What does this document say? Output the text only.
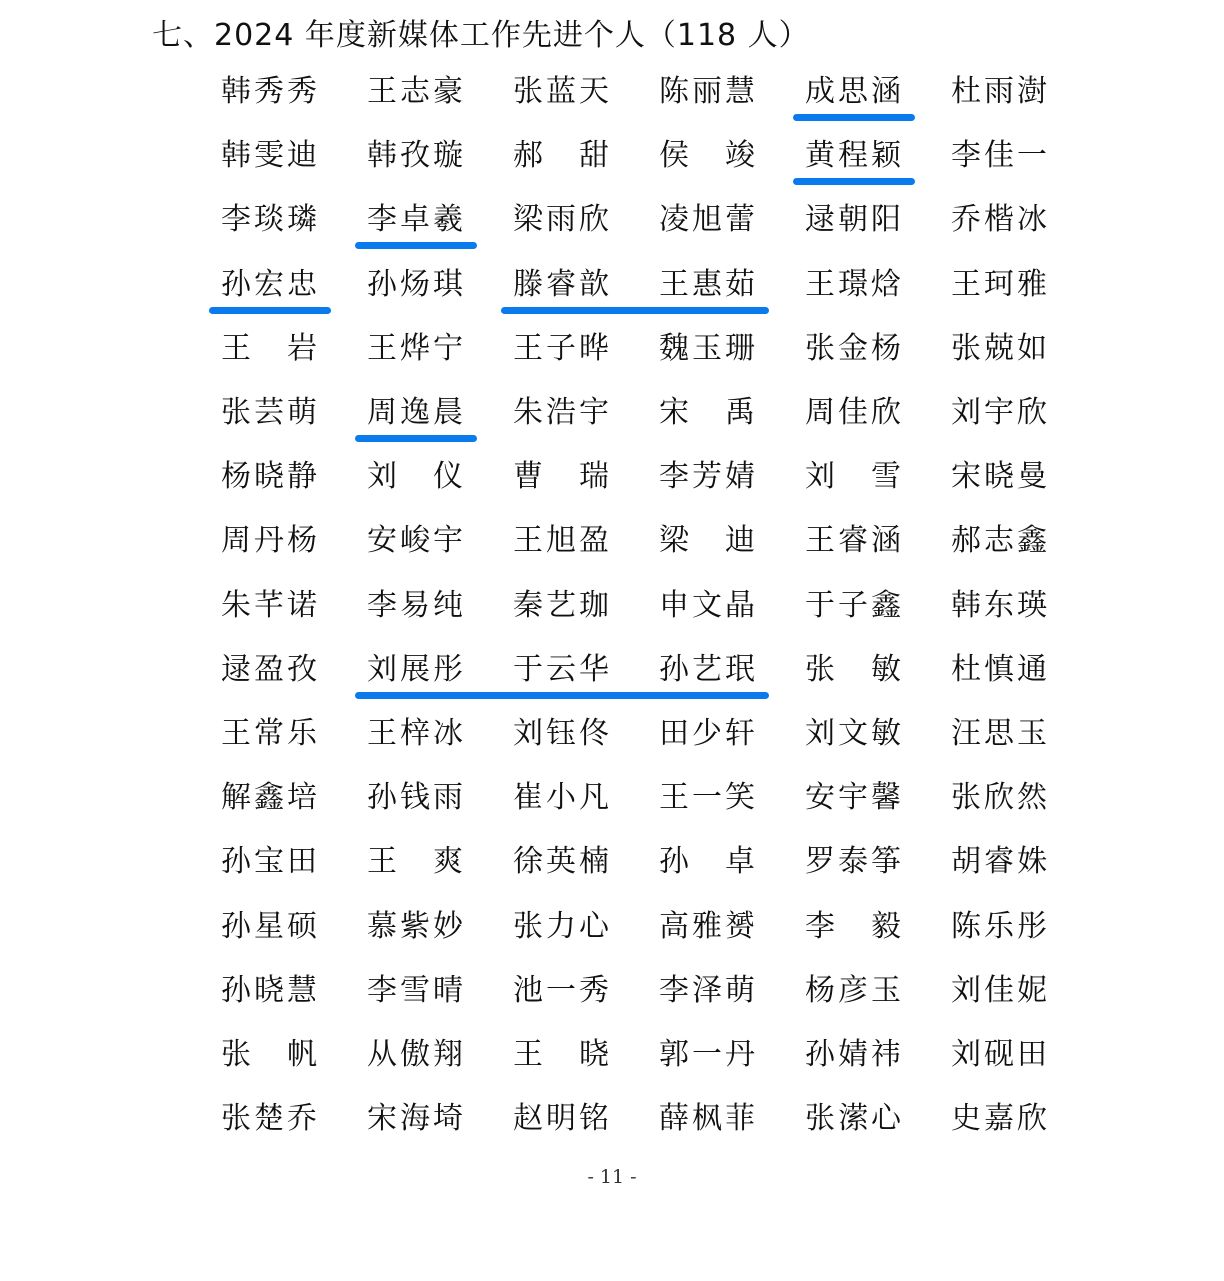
七、2024 年度新媒体工作先进个人（118 人）
韩 秀 秀 王 志 豪 张 蓝 天 陈 丽 慧 成 思 涵 杜 雨 澍
韩 雯 迪 韩 孜 璇 郝 甜 侯 竣 黄 程 颖 李 佳 一
李 琰 璘 李 卓 羲 梁 雨 欣 凌 旭 蕾 逯 朝 阳 乔 楷 冰
孙 宏 忠 孙 炀 琪 滕 睿 歆 王 惠 茹 王 璟 焓 王 珂 雅
王 岩 王 烨 宁 王 子 晔 魏 玉 珊 张 金 杨 张 兢 如
张 芸 萌 周 逸 晨 朱 浩 宇 宋 禹 周 佳 欣 刘 宇 欣
杨 晓 静 刘 仪 曹 瑞 李 芳 婧 刘 雪 宋 晓 曼
周 丹 杨 安 峻 宇 王 旭 盈 梁 迪 王 睿 涵 郝 志 鑫
朱 芊 诺 李 易 纯 秦 艺 珈 申 文 晶 于 子 鑫 韩 东 瑛
逯 盈 孜 刘 展 彤 于 云 华 孙 艺 珉 张 敏 杜 慎 通
王 常 乐 王 梓 冰 刘 钰 佟 田 少 轩 刘 文 敏 汪 思 玉
解 鑫 培 孙 钱 雨 崔 小 凡 王 一 笑 安 宇 馨 张 欣 然
孙 宝 田 王 爽 徐 英 楠 孙 卓 罗 泰 筝 胡 睿 姝
孙 星 硕 慕 紫 妙 张 力 心 高 雅 赟 李 毅 陈 乐 彤
孙 晓 慧 李 雪 晴 池 一 秀 李 泽 萌 杨 彦 玉 刘 佳 妮
张 帆 从 傲 翔 王 晓 郭 一 丹 孙 婧 祎 刘 砚 田
张 楚 乔 宋 海 埼 赵 明 铭 薛 枫 菲 张 潆 心 史 嘉 欣
- 11 -
